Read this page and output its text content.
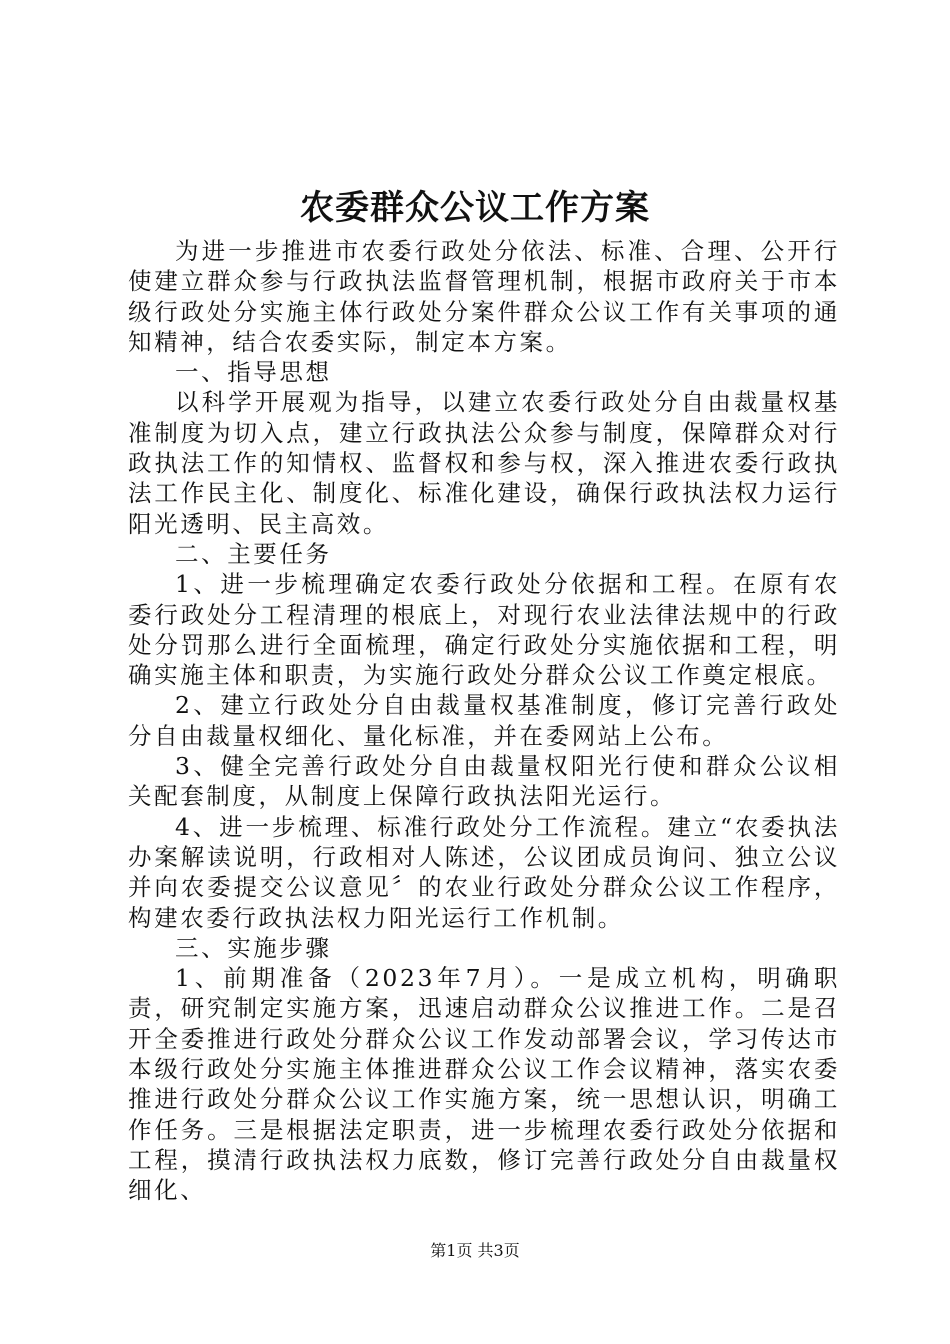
农委群众公议工作方案

为进一步推进市农委行政处分依法、标准、合理、公开行使建立群众参与行政执法监督管理机制，根据市政府关于市本级行政处分实施主体行政处分案件群众公议工作有关事项的通知精神，结合农委实际，制定本方案。

一、指导思想

以科学开展观为指导，以建立农委行政处分自由裁量权基准制度为切入点，建立行政执法公众参与制度，保障群众对行政执法工作的知情权、监督权和参与权，深入推进农委行政执法工作民主化、制度化、标准化建设，确保行政执法权力运行阳光透明、民主高效。

二、主要任务

1、进一步梳理确定农委行政处分依据和工程。在原有农委行政处分工程清理的根底上，对现行农业法律法规中的行政处分罚那么进行全面梳理，确定行政处分实施依据和工程，明确实施主体和职责，为实施行政处分群众公议工作奠定根底。

2、建立行政处分自由裁量权基准制度，修订完善行政处分自由裁量权细化、量化标准，并在委网站上公布。

3、健全完善行政处分自由裁量权阳光行使和群众公议相关配套制度，从制度上保障行政执法阳光运行。

4、进一步梳理、标准行政处分工作流程。建立“农委执法办案解读说明，行政相对人陈述，公议团成员询问、独立公议并向农委提交公议意见〞的农业行政处分群众公议工作程序，构建农委行政执法权力阳光运行工作机制。

三、实施步骤

1、前期准备（2023年7月）。一是成立机构，明确职责，研究制定实施方案，迅速启动群众公议推进工作。二是召开全委推进行政处分群众公议工作发动部署会议，学习传达市本级行政处分实施主体推进群众公议工作会议精神，落实农委推进行政处分群众公议工作实施方案，统一思想认识，明确工作任务。三是根据法定职责，进一步梳理农委行政处分依据和工程，摸清行政执法权力底数，修订完善行政处分自由裁量权细化、

第1页 共3页
